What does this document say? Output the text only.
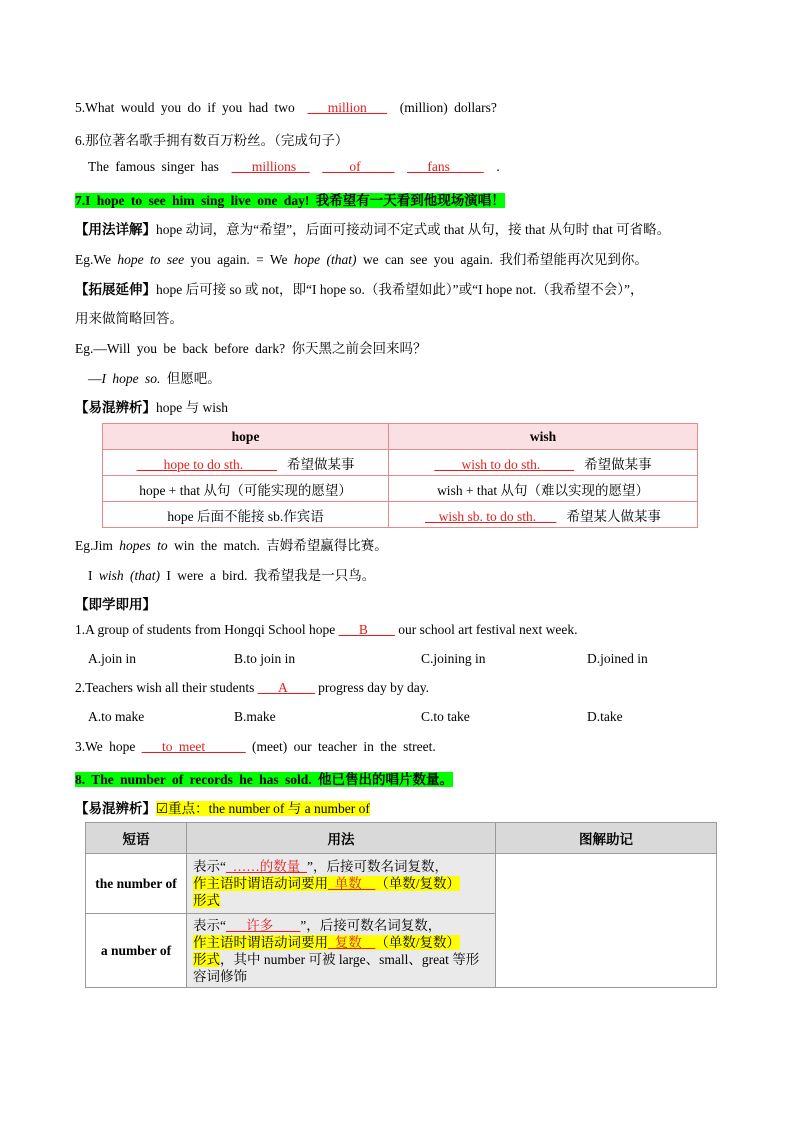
5.What would you do if you had two ___million___ (million) dollars?
6.那位著名歌手拥有数百万粉丝。（完成句子）
The famous singer has ___millions__ ____of_____ ___fans_____ .
7.I hope to see him sing live one day! 我希望有一天看到他现场演唱！
【用法详解】hope 动词，意为“希望”，后面可接动词不定式或 that 从句，接 that 从句时 that 可省略。
Eg.We hope to see you again. = We hope (that) we can see you again. 我们希望能再次见到你。
【拓展延伸】hope 后可接 so 或 not，即“I hope so.（我希望如此）”或“I hope not.（我希望不会）”，
用来做简略回答。
Eg.—Will you be back before dark? 你天黑之前会回来吗？
—I hope so. 但愿吧。
【易混辨析】hope 与 wish
hope	wish
____hope to do sth._____ 希望做某事	____wish to do sth._____ 希望做某事
hope + that 从句（可能实现的愿望）	wish + that 从句（难以实现的愿望）
hope 后面不能接 sb.作宾语	__wish sb. to do sth.___ 希望某人做某事
Eg.Jim hopes to win the match. 吉姆希望赢得比赛。
I wish (that) I were a bird. 我希望我是一只鸟。
【即学即用】
1.A group of students from Hongqi School hope ___B____ our school art festival next week.
A.join in	B.to join in	C.joining in	D.joined in
2.Teachers wish all their students ___A____ progress day by day.
A.to make	B.make	C.to take	D.take
3.We hope ___to meet______ (meet) our teacher in the street.
8. The number of records he has sold. 他已售出的唱片数量。
【易混辨析】☑重点：the number of 与 a number of
短语	用法	图解助记
the number of	表示“_……的数量_”，后接可数名词复数，
作主语时谓语动词要用_单数__（单数/复数）
形式	
a number of	表示“___许多____”，后接可数名词复数，
作主语时谓语动词要用_复数__（单数/复数）
形式，其中 number 可被 large、small、great 等形
容词修饰	
